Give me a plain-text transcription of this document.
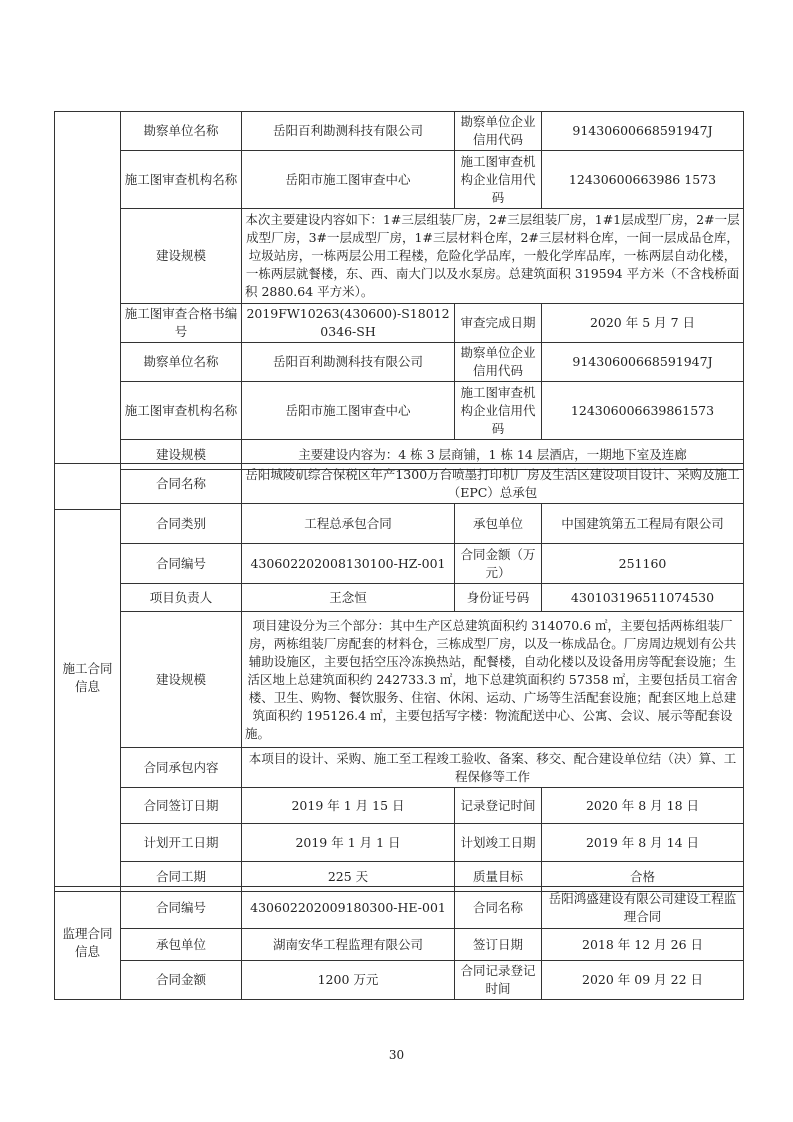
	勘察单位名称	岳阳百利勘测科技有限公司	勘察单位企业信用代码	91430600668591947J
	施工图审查机构名称	岳阳市施工图审查中心	施工图审查机构企业信用代码	12430600663986 1573
	建设规模	本次主要建设内容如下：1#三层组装厂房，2#三层组装厂房，1#1层成型厂房，2#一层成型厂房，3#一层成型厂房，1#三层材料仓库，2#三层材料仓库，一间一层成品仓库，垃圾站房，一栋两层公用工程楼，危险化学品库，一般化学库品库，一栋两层自动化楼，一栋两层就餐楼，东、西、南大门以及水泵房。总建筑面积 319594 平方米（不含栈桥面积 2880.64 平方米）。		
	施工图审查合格书编号	2019FW10263(430600)-S180120346-SH	审查完成日期	2020 年 5 月 7 日
	勘察单位名称	岳阳百利勘测科技有限公司	勘察单位企业信用代码	91430600668591947J
	施工图审查机构名称	岳阳市施工图审查中心	施工图审查机构企业信用代码	124306006639861573
	建设规模	主要建设内容为：4 栋 3 层商铺，1 栋 14 层酒店，一期地下室及连廊		

施工合同信息	合同名称	岳阳城陵矶综合保税区年产1300万台喷墨打印机厂房及生活区建设项目设计、采购及施工（EPC）总承包		
	合同类别	工程总承包合同	承包单位	中国建筑第五工程局有限公司
	合同编号	430602202008130100-HZ-001	合同金额（万元）	251160
	项目负责人	王念恒	身份证号码	430103196511074530
	建设规模	项目建设分为三个部分：其中生产区总建筑面积约 314070.6 ㎡，主要包括两栋组装厂房，两栋组装厂房配套的材料仓，三栋成型厂房，以及一栋成品仓。厂房周边规划有公共辅助设施区，主要包括空压冷冻换热站，配餐楼，自动化楼以及设备用房等配套设施；生活区地上总建筑面积约 242733.3 ㎡，地下总建筑面积约 57358 ㎡，主要包括员工宿舍楼、卫生、购物、餐饮服务、住宿、休闲、运动、广场等生活配套设施；配套区地上总建筑面积约 195126.4 ㎡，主要包括写字楼：物流配送中心、公寓、会议、展示等配套设施。		
	合同承包内容	本项目的设计、采购、施工至工程竣工验收、备案、移交、配合建设单位结（决）算、工程保修等工作		
	合同签订日期	2019 年 1 月 15 日	记录登记时间	2020 年 8 月 18 日
	计划开工日期	2019 年 1 月 1 日	计划竣工日期	2019 年 8 月 14 日
	合同工期	225 天	质量目标	合格
监理合同信息	合同编号	430602202009180300-HE-001	合同名称	岳阳鸿盛建设有限公司建设工程监理合同
	承包单位	湖南安华工程监理有限公司	签订日期	2018 年 12 月 26 日
	合同金额	1200 万元	合同记录登记时间	2020 年 09 月 22 日
30
